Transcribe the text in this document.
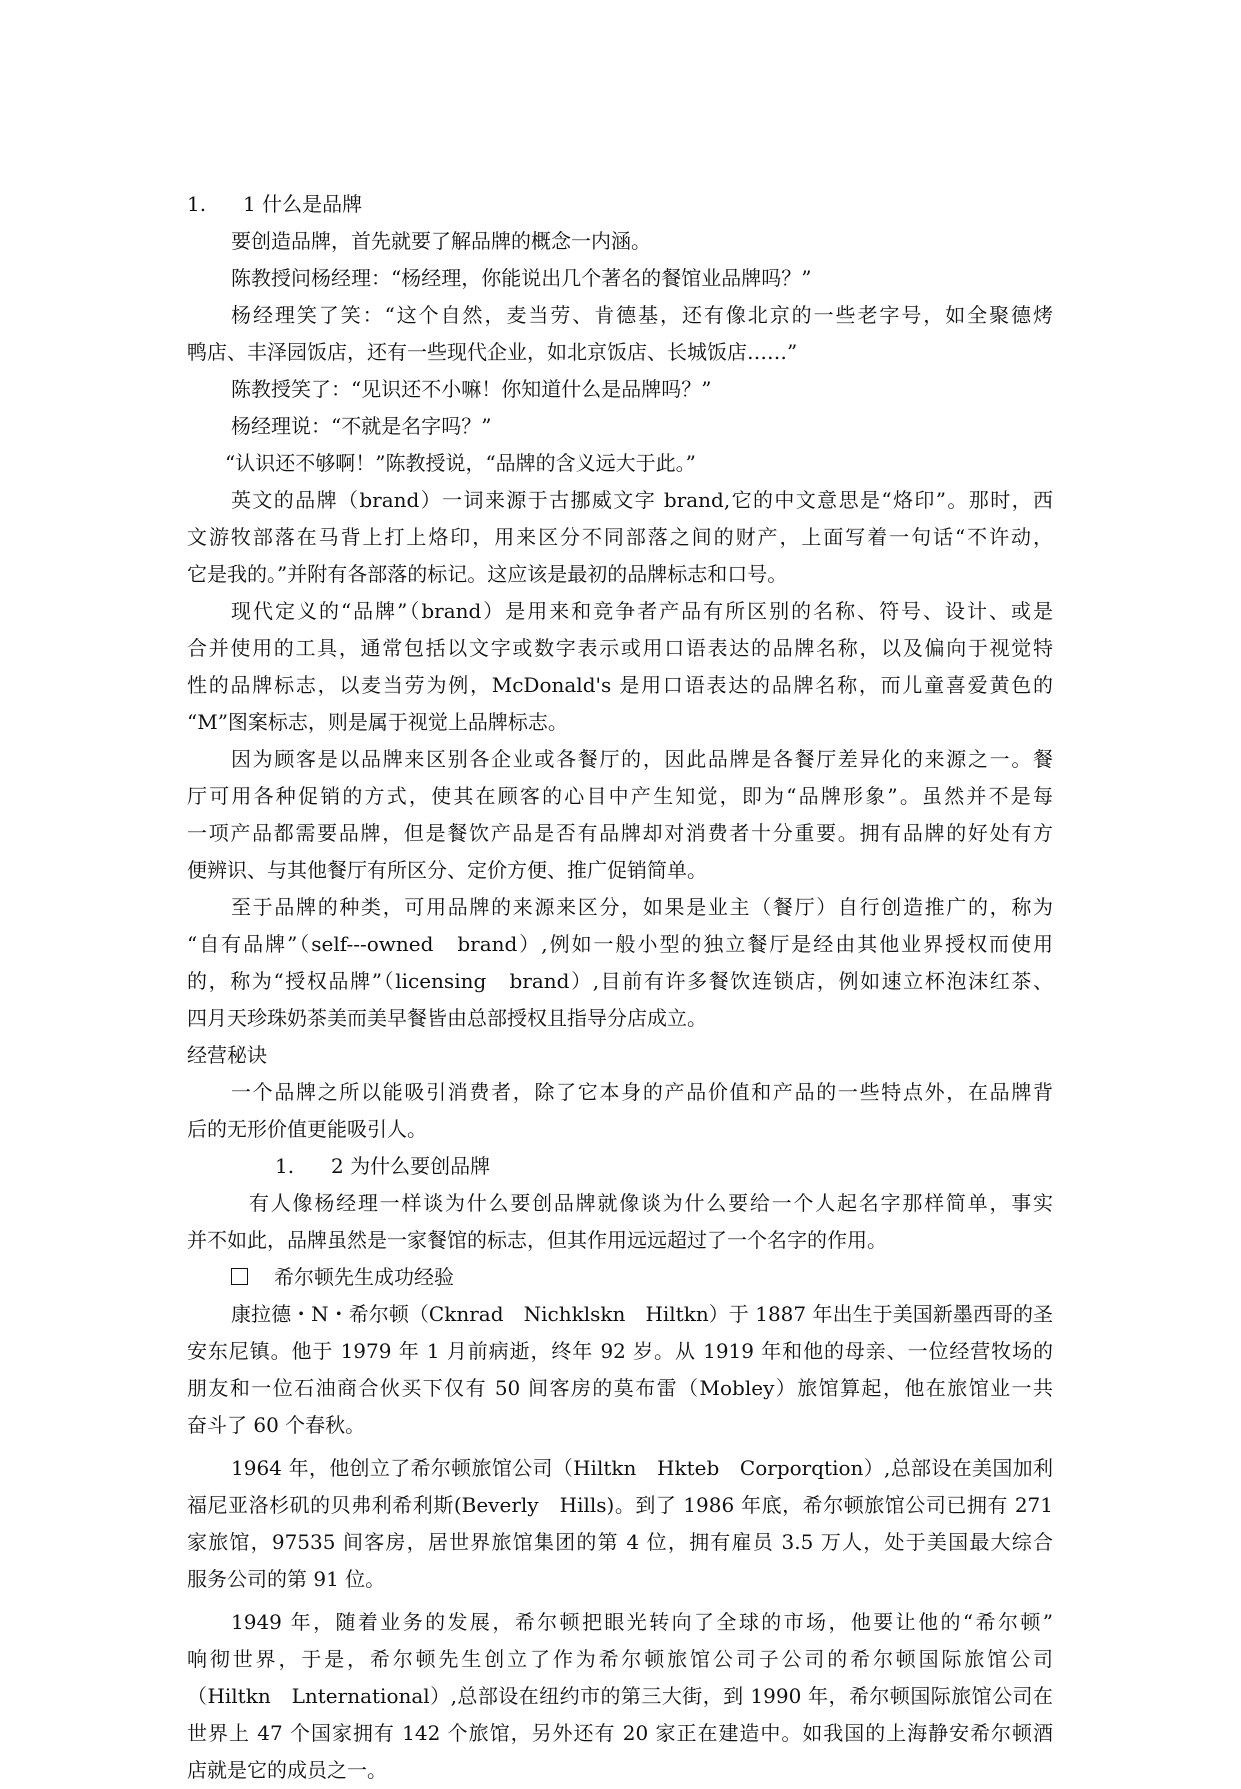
1. 1 什么是品牌
要创造品牌，首先就要了解品牌的概念一内涵。
陈教授问杨经理：“杨经理，你能说出几个著名的餐馆业品牌吗？”
杨经理笑了笑：“这个自然，麦当劳、肯德基，还有像北京的一些老字号，如全聚德烤
鸭店、丰泽园饭店，还有一些现代企业，如北京饭店、长城饭店……”
陈教授笑了：“见识还不小嘛！你知道什么是品牌吗？”
杨经理说：“不就是名字吗？”
“认识还不够啊！”陈教授说，“品牌的含义远大于此。”
英文的品牌（brand）一词来源于古挪威文字 brand,它的中文意思是“烙印”。那时，西
文游牧部落在马背上打上烙印，用来区分不同部落之间的财产，上面写着一句话“不许动，
它是我的。”并附有各部落的标记。这应该是最初的品牌标志和口号。
现代定义的“品牌”（brand）是用来和竞争者产品有所区别的名称、符号、设计、或是
合并使用的工具，通常包括以文字或数字表示或用口语表达的品牌名称，以及偏向于视觉特
性的品牌标志，以麦当劳为例，McDonald's 是用口语表达的品牌名称，而儿童喜爱黄色的
“M”图案标志，则是属于视觉上品牌标志。
因为顾客是以品牌来区别各企业或各餐厅的，因此品牌是各餐厅差异化的来源之一。餐
厅可用各种促销的方式，使其在顾客的心目中产生知觉，即为“品牌形象”。虽然并不是每
一项产品都需要品牌，但是餐饮产品是否有品牌却对消费者十分重要。拥有品牌的好处有方
便辨识、与其他餐厅有所区分、定价方便、推广促销简单。
至于品牌的种类，可用品牌的来源来区分，如果是业主（餐厅）自行创造推广的，称为
“自有品牌”（self---owned　brand）,例如一般小型的独立餐厅是经由其他业界授权而使用
的，称为“授权品牌”（licensing　brand）,目前有许多餐饮连锁店，例如速立杯泡沫红茶、
四月天珍珠奶茶美而美早餐皆由总部授权且指导分店成立。
经营秘诀
一个品牌之所以能吸引消费者，除了它本身的产品价值和产品的一些特点外，在品牌背
后的无形价值更能吸引人。
1. 2 为什么要创品牌
有人像杨经理一样谈为什么要创品牌就像谈为什么要给一个人起名字那样简单，事实
并不如此，品牌虽然是一家餐馆的标志，但其作用远远超过了一个名字的作用。
希尔顿先生成功经验
康拉德・N・希尔顿（Cknrad　Nichklskn　Hiltkn）于 1887 年出生于美国新墨西哥的圣
安东尼镇。他于 1979 年 1 月前病逝，终年 92 岁。从 1919 年和他的母亲、一位经营牧场的
朋友和一位石油商合伙买下仅有 50 间客房的莫布雷（Mobley）旅馆算起，他在旅馆业一共
奋斗了 60 个春秋。
1964 年，他创立了希尔顿旅馆公司（Hiltkn　Hkteb　Corporqtion）,总部设在美国加利
福尼亚洛杉矶的贝弗利希利斯(Beverly　Hills)。到了 1986 年底，希尔顿旅馆公司已拥有 271
家旅馆，97535 间客房，居世界旅馆集团的第 4 位，拥有雇员 3.5 万人，处于美国最大综合
服务公司的第 91 位。
1949 年，随着业务的发展，希尔顿把眼光转向了全球的市场，他要让他的“希尔顿”
响彻世界，于是，希尔顿先生创立了作为希尔顿旅馆公司子公司的希尔顿国际旅馆公司
（Hiltkn　Lnternational）,总部设在纽约市的第三大街，到 1990 年，希尔顿国际旅馆公司在
世界上 47 个国家拥有 142 个旅馆，另外还有 20 家正在建造中。如我国的上海静安希尔顿酒
店就是它的成员之一。
